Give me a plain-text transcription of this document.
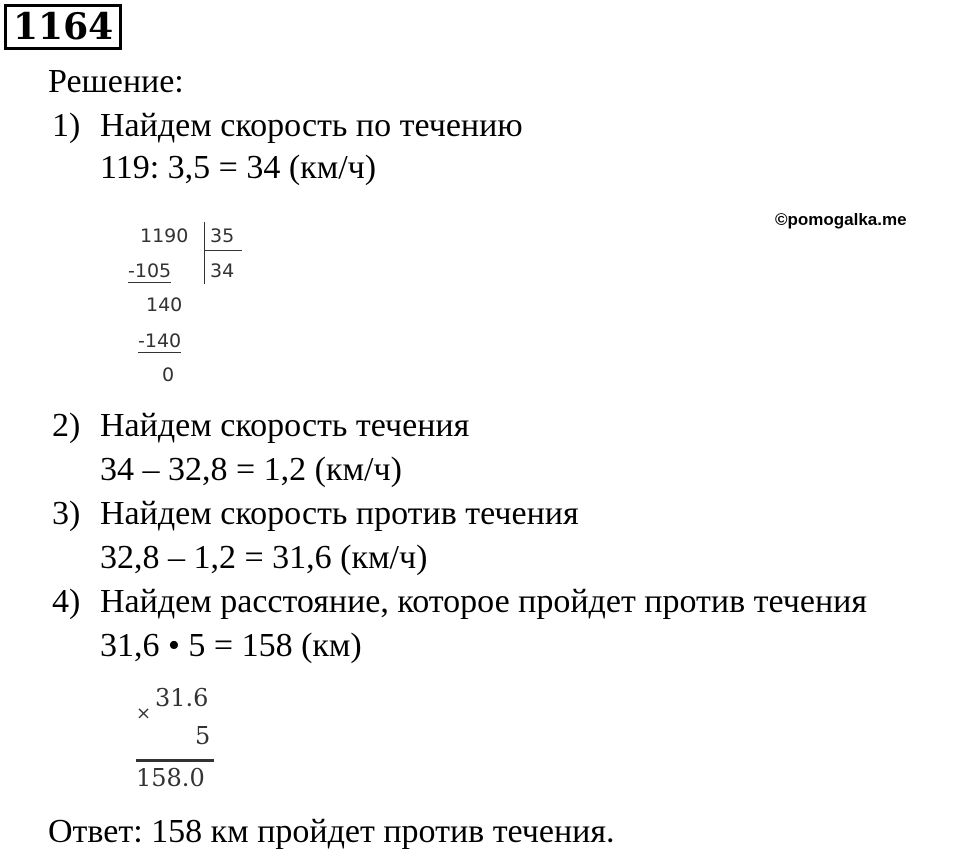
1164
Решение:
1) Найдем скорость по течению
119: 3,5 = 34 (км/ч)
©pomogalka.me
1190 35
-105 34
140
-140
0
2) Найдем скорость течения
34 – 32,8 = 1,2 (км/ч)
3) Найдем скорость против течения
32,8 – 1,2 = 31,6 (км/ч)
4) Найдем расстояние, которое пройдет против течения
31,6 • 5 = 158 (км)
×
31.6
5
158.0
Ответ: 158 км пройдет против течения.
